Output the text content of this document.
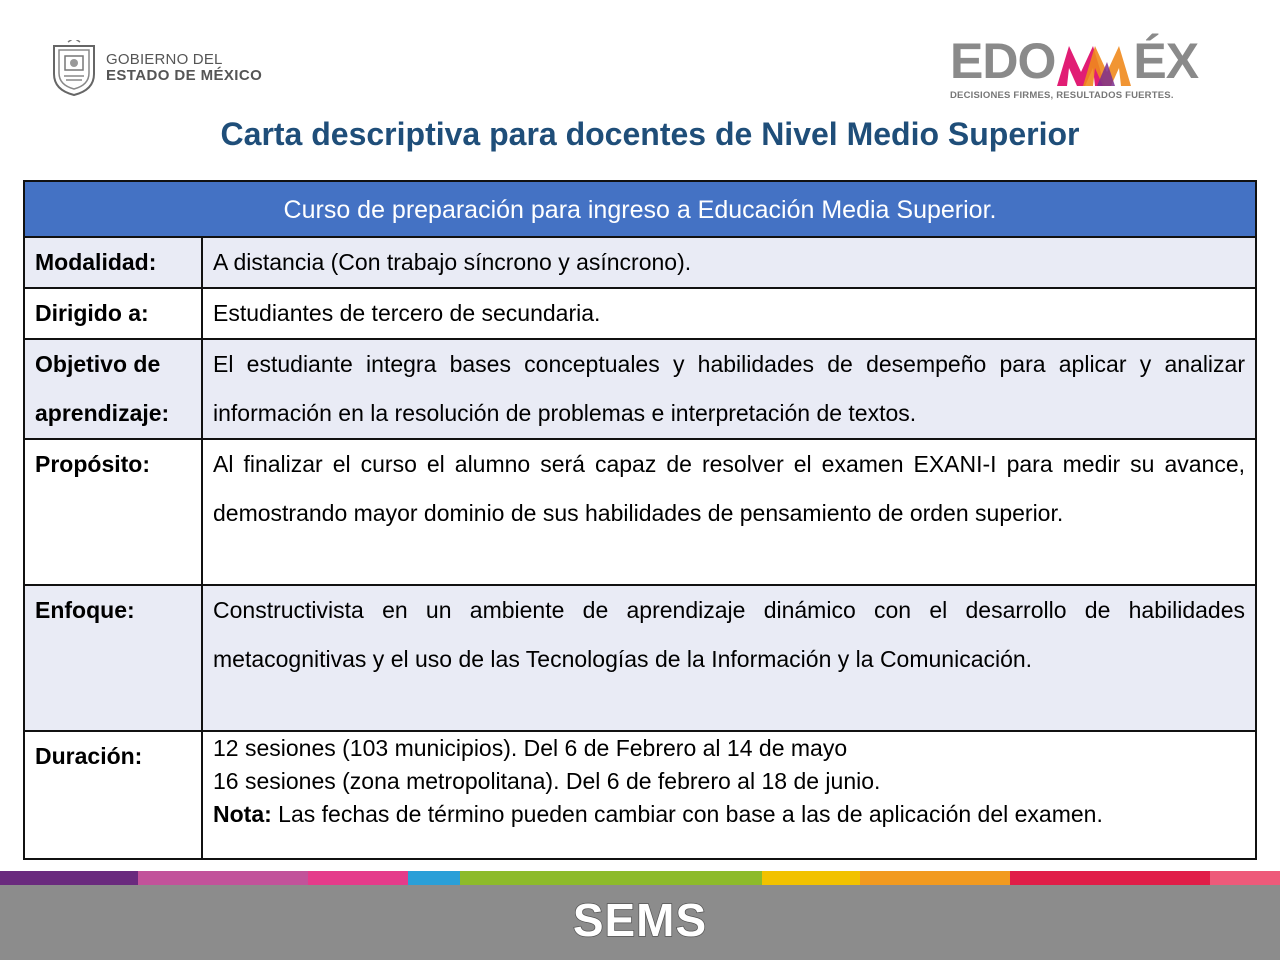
GOBIERNO DEL
ESTADO DE MÉXICO	EDO ÉX
DECISIONES FIRMES, RESULTADOS FUERTES.
Carta descriptiva para docentes de Nivel Medio Superior
Curso de preparación para ingreso a Educación Media Superior.	
Modalidad:	A distancia (Con trabajo síncrono y asíncrono).
Dirigido a:	Estudiantes de tercero de secundaria.
Objetivo de
aprendizaje:	El estudiante integra bases conceptuales y habilidades de desempeño para aplicar y analizar información en la resolución de problemas e interpretación de textos.
Propósito:	Al finalizar el curso el alumno será capaz de resolver el examen EXANI-I para medir su avance, demostrando mayor dominio de sus habilidades de pensamiento de orden superior.
Enfoque:	Constructivista en un ambiente de aprendizaje dinámico con el desarrollo de habilidades metacognitivas y el uso de las Tecnologías de la Información y la Comunicación.
Duración:	12 sesiones (103 municipios). Del 6 de Febrero al 14 de mayo
16 sesiones (zona metropolitana). Del 6 de febrero al 18 de junio.
Nota: Las fechas de término pueden cambiar con base a las de aplicación del examen.
SEMS
